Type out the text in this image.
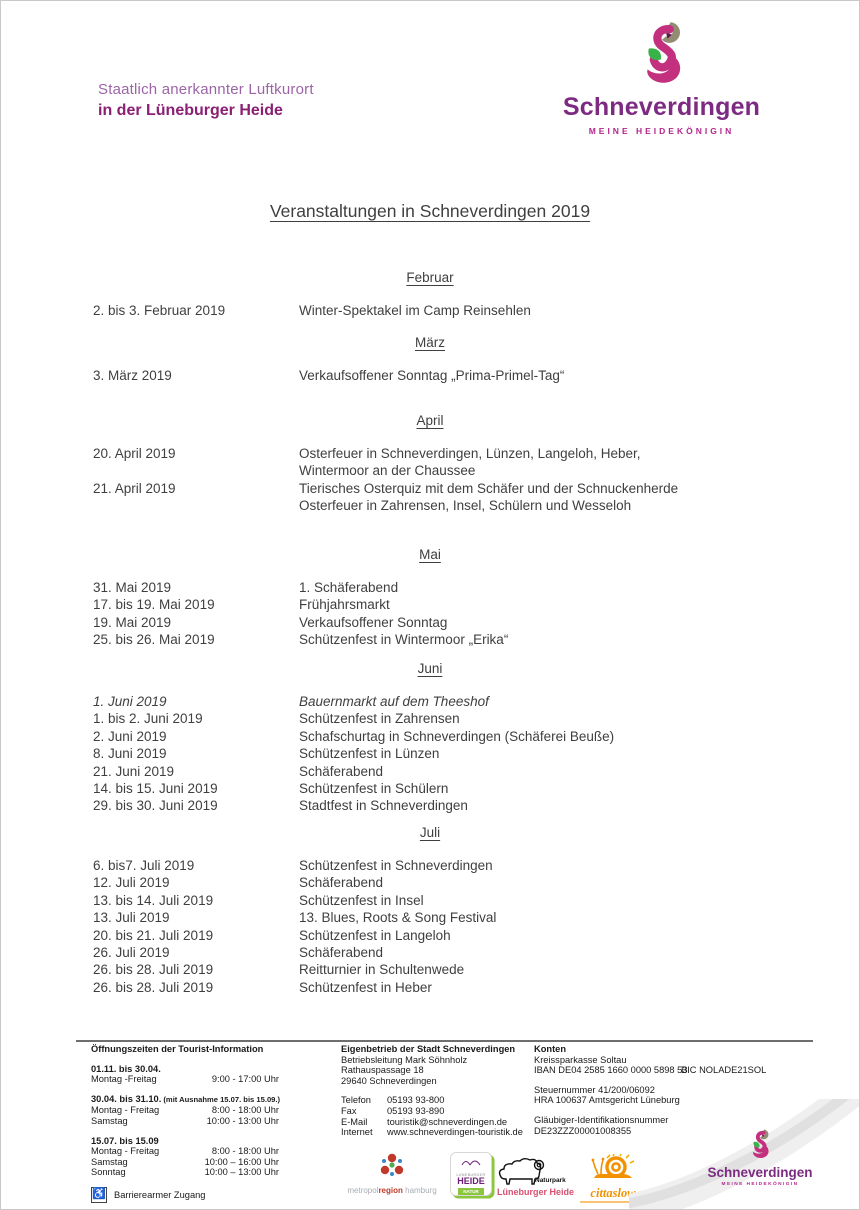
Staatlich anerkannter Luftkurort
in der Lüneburger Heide	Schneverdingen
MEINE HEIDEKÖNIGIN
Veranstaltungen in Schneverdingen 2019
Februar
2. bis 3. Februar 2019	Winter-Spektakel im Camp Reinsehlen
März
3. März 2019	Verkaufsoffener Sonntag „Prima-Primel-Tag“
April
20. April 2019	Osterfeuer in Schneverdingen, Lünzen, Langeloh, Heber,
Wintermoor an der Chaussee
21. April 2019	Tierisches Osterquiz mit dem Schäfer und der Schnuckenherde
Osterfeuer in Zahrensen, Insel, Schülern und Wesseloh
Mai
31. Mai 2019	1. Schäferabend
17. bis 19. Mai 2019	Frühjahrsmarkt
19. Mai 2019	Verkaufsoffener Sonntag
25. bis 26. Mai 2019	Schützenfest in Wintermoor „Erika“
Juni
1. Juni 2019	Bauernmarkt auf dem Theeshof
1. bis 2. Juni 2019	Schützenfest in Zahrensen
2. Juni 2019	Schafschurtag in Schneverdingen (Schäferei Beuße)
8. Juni 2019	Schützenfest in Lünzen
21. Juni 2019	Schäferabend
14. bis 15. Juni 2019	Schützenfest in Schülern
29. bis 30. Juni 2019	Stadtfest in Schneverdingen
Juli
6. bis7. Juli 2019	Schützenfest in Schneverdingen
12. Juli 2019	Schäferabend
13. bis 14. Juli 2019	Schützenfest in Insel
13. Juli 2019	13. Blues, Roots & Song Festival
20. bis 21. Juli 2019	Schützenfest in Langeloh
26. Juli 2019	Schäferabend
26. bis 28. Juli 2019	Reitturnier in Schultenwede
26. bis 28. Juli 2019	Schützenfest in Heber
Öffnungszeiten der Tourist-Information
01.11. bis 30.04.
Montag -Freitag	9:00 - 17:00 Uhr
30.04. bis 31.10. (mit Ausnahme 15.07. bis 15.09.)
Montag - Freitag	8:00 - 18:00 Uhr
Samstag	10:00 - 13:00 Uhr
15.07. bis 15.09
Montag - Freitag	8:00 - 18:00 Uhr
Samstag	10:00 – 16:00 Uhr
Sonntag	10:00 – 13:00 Uhr
♿ Barrierearmer Zugang
Eigenbetrieb der Stadt Schneverdingen
Betriebsleitung Mark Söhnholz
Rathauspassage 18
29640 Schneverdingen
Telefon	05193 93-800
Fax	05193 93-890
E-Mail	touristik@schneverdingen.de
Internet	www.schneverdingen-touristik.de
Konten
Kreissparkasse Soltau
IBAN DE04 2585 1660 0000 5898 53
BIC NOLADE21SOL
Steuernummer 41/200/06092
HRA 100637 Amtsgericht Lüneburg
Gläubiger-Identifikationsnummer
DE23ZZZ00001008355
metropolregion hamburg
LÜNEBURGER
HEIDE
NATUR
Naturpark
Lüneburger Heide	cittaslow
Schneverdingen
MEINE HEIDEKÖNIGIN
